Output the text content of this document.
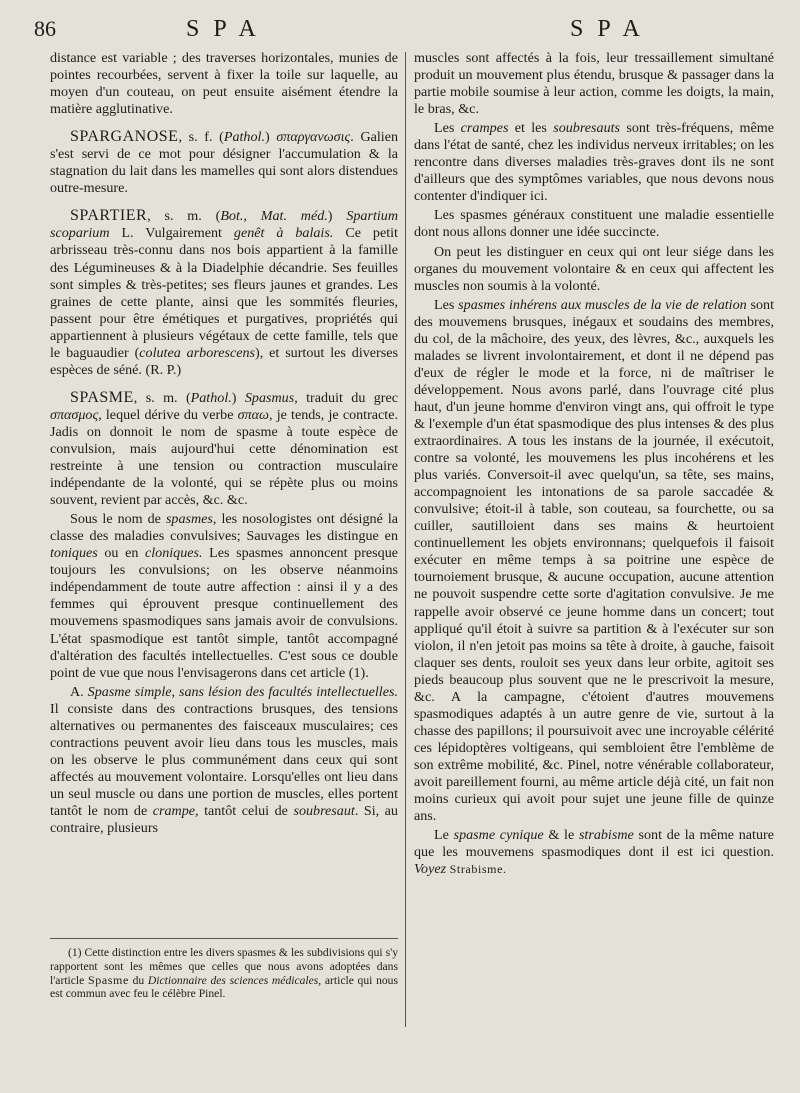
86	SPA	SPA

distance est variable ; des traverses horizontales, munies de pointes recourbées, servent à fixer la toile sur laquelle, au moyen d'un couteau, on peut ensuite aisément étendre la matière agglutinative.

SPARGANOSE, s. f. (Pathol.) σπαργανωσις. Galien s'est servi de ce mot pour désigner l'accumulation & la stagnation du lait dans les mamelles qui sont alors distendues outre-mesure.

SPARTIER, s. m. (Bot., Mat. méd.) Spartium scoparium L. Vulgairement genêt à balais. Ce petit arbrisseau très-connu dans nos bois appartient à la famille des Légumineuses & à la Diadelphie décandrie. Ses feuilles sont simples & très-petites; ses fleurs jaunes et grandes. Les graines de cette plante, ainsi que les sommités fleuries, passent pour être émétiques et purgatives, propriétés qui appartiennent à plusieurs végétaux de cette famille, tels que le baguaudier (colutea arborescens), et surtout les diverses espèces de séné. (R. P.)

SPASME, s. m. (Pathol.) Spasmus, traduit du grec σπασμος, lequel dérive du verbe σπαω, je tends, je contracte. Jadis on donnoit le nom de spasme à toute espèce de convulsion, mais aujourd'hui cette dénomination est restreinte à une tension ou contraction musculaire indépendante de la volonté, qui se répète plus ou moins souvent, revient par accès, &c. &c.

Sous le nom de spasmes, les nosologistes ont désigné la classe des maladies convulsives; Sauvages les distingue en toniques ou en cloniques. Les spasmes annoncent presque toujours les convulsions; on les observe néanmoins indépendamment de toute autre affection : ainsi il y a des femmes qui éprouvent presque continuellement des mouvemens spasmodiques sans jamais avoir de convulsions. L'état spasmodique est tantôt simple, tantôt accompagné d'altération des facultés intellectuelles. C'est sous ce double point de vue que nous l'envisagerons dans cet article (1).

A. Spasme simple, sans lésion des facultés intellectuelles. Il consiste dans des contractions brusques, des tensions alternatives ou permanentes des faisceaux musculaires; ces contractions peuvent avoir lieu dans tous les muscles, mais on les observe le plus communément dans ceux qui sont affectés au mouvement volontaire. Lorsqu'elles ont lieu dans un seul muscle ou dans une portion de muscles, elles portent tantôt le nom de crampe, tantôt celui de soubresaut. Si, au contraire, plusieurs

muscles sont affectés à la fois, leur tressaillement simultané produit un mouvement plus étendu, brusque & passager dans la partie mobile soumise à leur action, comme les doigts, la main, le bras, &c.

Les crampes et les soubresauts sont très-fréquens, même dans l'état de santé, chez les individus nerveux irritables; on les rencontre dans diverses maladies très-graves dont ils ne sont d'ailleurs que des symptômes variables, que nous devons nous contenter d'indiquer ici.

Les spasmes généraux constituent une maladie essentielle dont nous allons donner une idée succincte.

On peut les distinguer en ceux qui ont leur siége dans les organes du mouvement volontaire & en ceux qui affectent les muscles non soumis à la volonté.

Les spasmes inhérens aux muscles de la vie de relation sont des mouvemens brusques, inégaux et soudains des membres, du col, de la mâchoire, des yeux, des lèvres, &c., auxquels les malades se livrent involontairement, et dont il ne dépend pas d'eux de régler le mode et la force, ni de maîtriser le développement. Nous avons parlé, dans l'ouvrage cité plus haut, d'un jeune homme d'environ vingt ans, qui offroit le type & l'exemple d'un état spasmodique des plus intenses & des plus extraordinaires. A tous les instans de la journée, il exécutoit, contre sa volonté, les mouvemens les plus incohérens et les plus variés. Conversoit-il avec quelqu'un, sa tête, ses mains, accompagnoient les intonations de sa parole saccadée & convulsive; étoit-il à table, son couteau, sa fourchette, ou sa cuiller, sautilloient dans ses mains & heurtoient continuellement les objets environnans; quelquefois il faisoit exécuter en même temps à sa poitrine une espèce de tournoiement brusque, & aucune occupation, aucune attention ne pouvoit suspendre cette sorte d'agitation convulsive. Je me rappelle avoir observé ce jeune homme dans un concert; tout appliqué qu'il étoit à suivre sa partition & à l'exécuter sur son violon, il n'en jetoit pas moins sa tête à droite, à gauche, faisoit claquer ses dents, rouloit ses yeux dans leur orbite, agitoit ses pieds beaucoup plus souvent que ne le prescrivoit la mesure, &c. A la campagne, c'étoient d'autres mouvemens spasmodiques adaptés à un autre genre de vie, surtout à la chasse des papillons; il poursuivoit avec une incroyable célérité ces lépidoptères voltigeans, qui sembloient être l'emblème de son extrême mobilité, &c. Pinel, notre vénérable collaborateur, avoit pareillement fourni, au même article déjà cité, un fait non moins curieux qui avoit pour sujet une jeune fille de quinze ans.

Le spasme cynique & le strabisme sont de la même nature que les mouvemens spasmodiques dont il est ici question. Voyez Strabisme.

(1) Cette distinction entre les divers spasmes & les subdivisions qui s'y rapportent sont les mêmes que celles que nous avons adoptées dans l'article Spasme du Dictionnaire des sciences médicales, article qui nous est commun avec feu le célèbre Pinel.
